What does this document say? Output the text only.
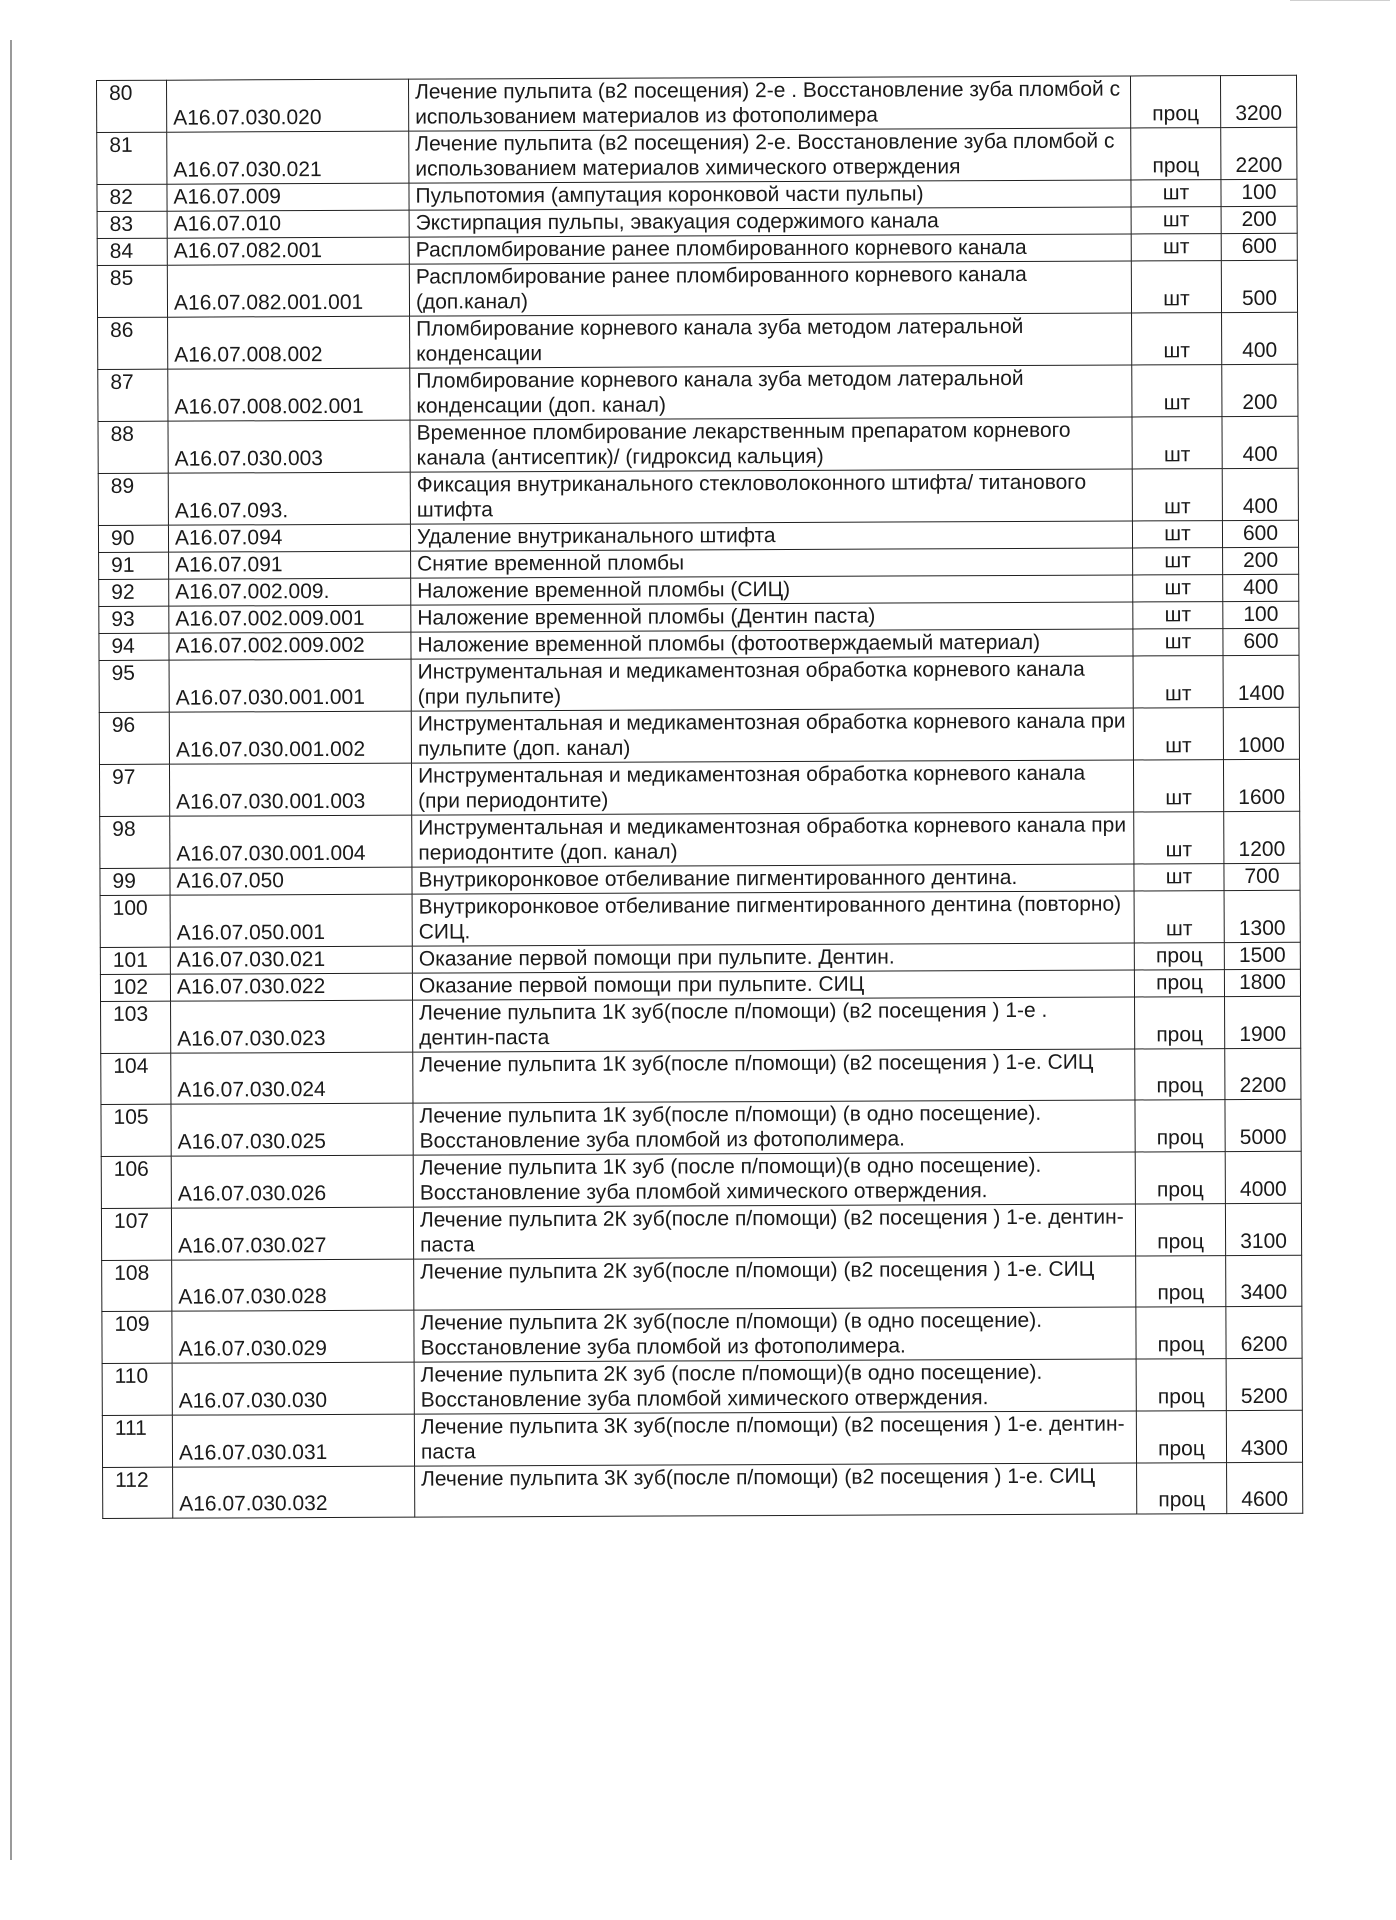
80	A16.07.030.020	Лечение пульпита (в2 посещения) 2-е . Восстановление зуба пломбой с использованием материалов из фотополимера	проц	3200
81	A16.07.030.021	Лечение пульпита (в2 посещения) 2-е. Восстановление зуба пломбой с использованием материалов химического отверждения	проц	2200
82	A16.07.009	Пульпотомия (ампутация коронковой части пульпы)	шт	100
83	A16.07.010	Экстирпация пульпы, эвакуация содержимого канала	шт	200
84	A16.07.082.001	Распломбирование ранее пломбированного корневого канала	шт	600
85	A16.07.082.001.001	Распломбирование ранее пломбированного корневого канала (доп.канал)	шт	500
86	A16.07.008.002	Пломбирование корневого канала зуба методом латеральной конденсации	шт	400
87	A16.07.008.002.001	Пломбирование корневого канала зуба методом латеральной конденсации (доп. канал)	шт	200
88	A16.07.030.003	Временное пломбирование лекарственным препаратом корневого канала (антисептик)/ (гидроксид кальция)	шт	400
89	A16.07.093.	Фиксация внутриканального стекловолоконного штифта/ титанового штифта	шт	400
90	A16.07.094	Удаление внутриканального штифта	шт	600
91	A16.07.091	Снятие временной пломбы	шт	200
92	A16.07.002.009.	Наложение временной пломбы (СИЦ)	шт	400
93	A16.07.002.009.001	Наложение временной пломбы (Дентин паста)	шт	100
94	A16.07.002.009.002	Наложение временной пломбы (фотоотверждаемый материал)	шт	600
95	A16.07.030.001.001	Инструментальная и медикаментозная обработка корневого канала (при пульпите)	шт	1400
96	A16.07.030.001.002	Инструментальная и медикаментозная обработка корневого канала при пульпите (доп. канал)	шт	1000
97	A16.07.030.001.003	Инструментальная и медикаментозная обработка корневого канала (при периодонтите)	шт	1600
98	A16.07.030.001.004	Инструментальная и медикаментозная обработка корневого канала при периодонтите (доп. канал)	шт	1200
99	A16.07.050	Внутрикоронковое отбеливание пигментированного дентина.	шт	700
100	A16.07.050.001	Внутрикоронковое отбеливание пигментированного дентина (повторно) СИЦ.	шт	1300
101	A16.07.030.021	Оказание первой помощи при пульпите. Дентин.	проц	1500
102	A16.07.030.022	Оказание первой помощи при пульпите. СИЦ	проц	1800
103	A16.07.030.023	Лечение пульпита 1К зуб(после п/помощи) (в2 посещения ) 1-е . дентин-паста	проц	1900
104	A16.07.030.024	Лечение пульпита 1К зуб(после п/помощи) (в2 посещения ) 1-е. СИЦ	проц	2200
105	A16.07.030.025	Лечение пульпита 1К зуб(после п/помощи) (в одно посещение). Восстановление зуба пломбой из фотополимера.	проц	5000
106	A16.07.030.026	Лечение пульпита 1К зуб (после п/помощи)(в одно посещение). Восстановление зуба пломбой химического отверждения.	проц	4000
107	A16.07.030.027	Лечение пульпита 2К зуб(после п/помощи) (в2 посещения ) 1-е. дентин-паста	проц	3100
108	A16.07.030.028	Лечение пульпита 2К зуб(после п/помощи) (в2 посещения ) 1-е. СИЦ	проц	3400
109	A16.07.030.029	Лечение пульпита 2К зуб(после п/помощи) (в одно посещение). Восстановление зуба пломбой из фотополимера.	проц	6200
110	A16.07.030.030	Лечение пульпита 2К зуб (после п/помощи)(в одно посещение). Восстановление зуба пломбой химического отверждения.	проц	5200
111	A16.07.030.031	Лечение пульпита 3К зуб(после п/помощи) (в2 посещения ) 1-е. дентин-паста	проц	4300
112	A16.07.030.032	Лечение пульпита 3К зуб(после п/помощи) (в2 посещения ) 1-е. СИЦ	проц	4600
